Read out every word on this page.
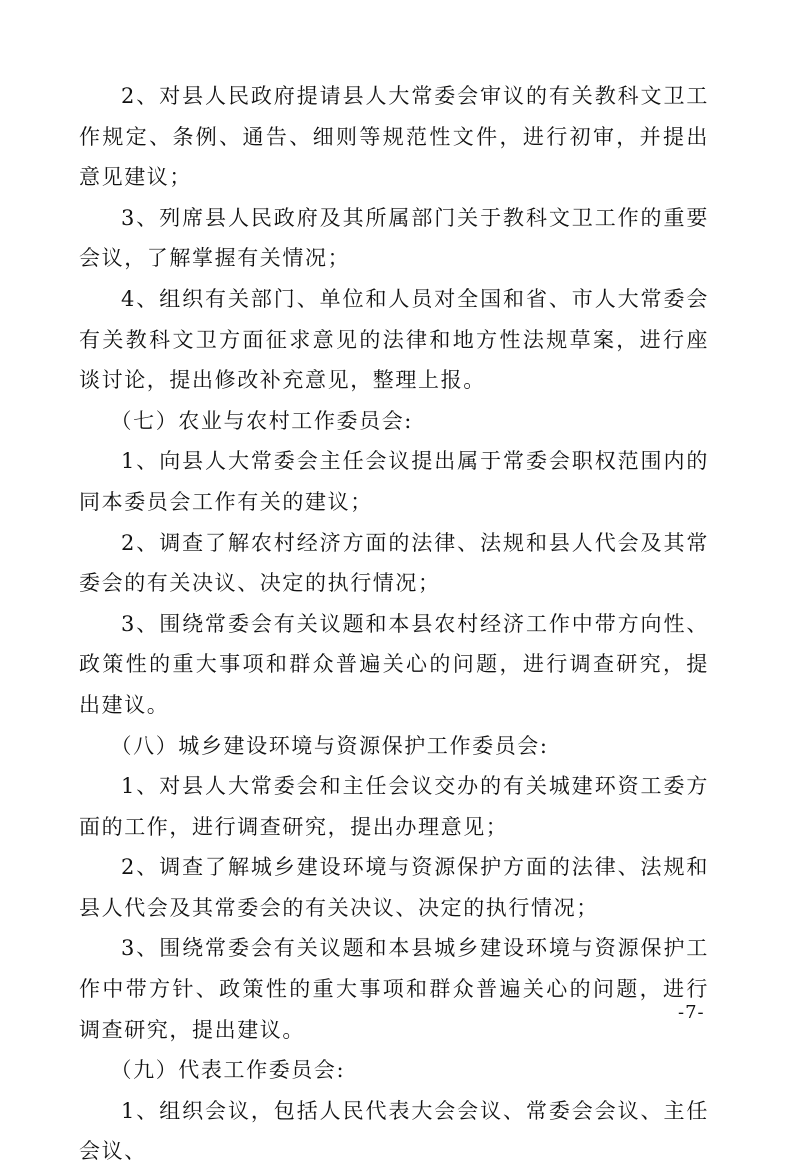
2、对县人民政府提请县人大常委会审议的有关教科文卫工作规定、条例、通告、细则等规范性文件，进行初审，并提出意见建议；

3、列席县人民政府及其所属部门关于教科文卫工作的重要会议，了解掌握有关情况；

4、组织有关部门、单位和人员对全国和省、市人大常委会有关教科文卫方面征求意见的法律和地方性法规草案，进行座谈讨论，提出修改补充意见，整理上报。

（七）农业与农村工作委员会:

1、向县人大常委会主任会议提出属于常委会职权范围内的同本委员会工作有关的建议；

2、调查了解农村经济方面的法律、法规和县人代会及其常委会的有关决议、决定的执行情况；

3、围绕常委会有关议题和本县农村经济工作中带方向性、政策性的重大事项和群众普遍关心的问题，进行调查研究，提出建议。

（八）城乡建设环境与资源保护工作委员会:

1、对县人大常委会和主任会议交办的有关城建环资工委方面的工作，进行调查研究，提出办理意见；

2、调查了解城乡建设环境与资源保护方面的法律、法规和县人代会及其常委会的有关决议、决定的执行情况；

3、围绕常委会有关议题和本县城乡建设环境与资源保护工作中带方针、政策性的重大事项和群众普遍关心的问题，进行调查研究，提出建议。

（九）代表工作委员会:

1、组织会议，包括人民代表大会会议、常委会会议、主任会议、

-7-
